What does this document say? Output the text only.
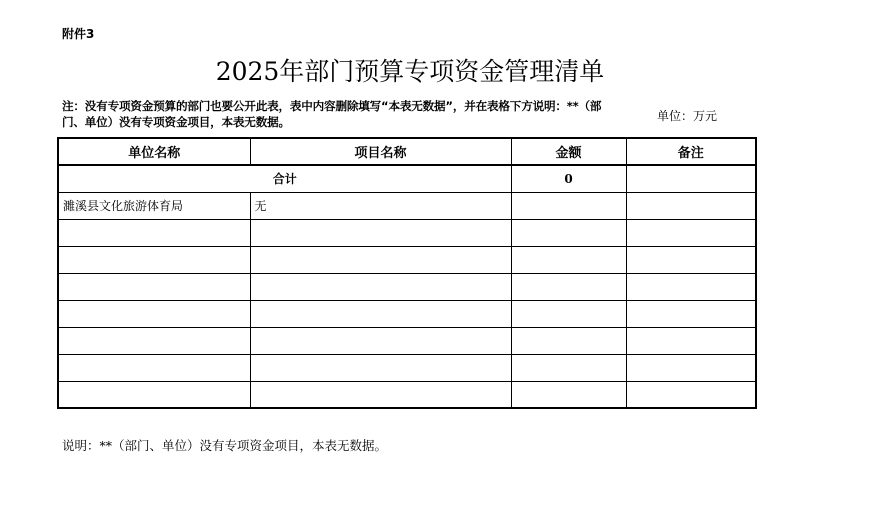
附件3
2025年部门预算专项资金管理清单
注：没有专项资金预算的部门也要公开此表，表中内容删除填写“本表无数据”，并在表格下方说明：**（部门、单位）没有专项资金项目，本表无数据。	单位：万元
单位名称	项目名称	金额	备注
合计		0	
濉溪县文化旅游体育局	无		

说明：**（部门、单位）没有专项资金项目，本表无数据。
